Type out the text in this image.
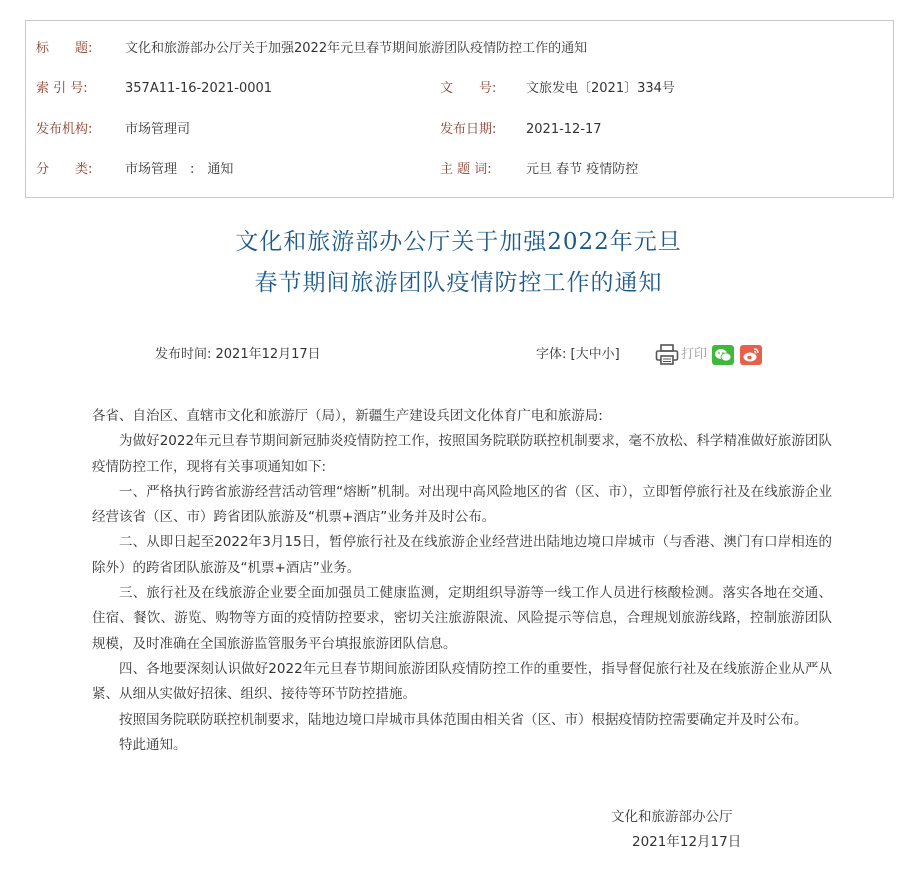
标　　题:	文化和旅游部办公厅关于加强2022年元旦春节期间旅游团队疫情防控工作的通知
索 引 号:	357A11-16-2021-0001	文　　号: 文旅发电〔2021〕334号
发布机构:	市场管理司	发布日期: 2021-12-17
分　　类:	市场管理　:　通知	主 题 词:	元旦 春节 疫情防控
文化和旅游部办公厅关于加强2022年元旦
春节期间旅游团队疫情防控工作的通知
发布时间: 2021年12月17日	字体: [大中小]	打印

各省、自治区、直辖市文化和旅游厅（局），新疆生产建设兵团文化体育广电和旅游局:

为做好2022年元旦春节期间新冠肺炎疫情防控工作，按照国务院联防联控机制要求，毫不放松、科学精准做好旅游团队疫情防控工作，现将有关事项通知如下:

一、严格执行跨省旅游经营活动管理“熔断”机制。对出现中高风险地区的省（区、市），立即暂停旅行社及在线旅游企业经营该省（区、市）跨省团队旅游及“机票+酒店”业务并及时公布。

二、从即日起至2022年3月15日，暂停旅行社及在线旅游企业经营进出陆地边境口岸城市（与香港、澳门有口岸相连的除外）的跨省团队旅游及“机票+酒店”业务。

三、旅行社及在线旅游企业要全面加强员工健康监测，定期组织导游等一线工作人员进行核酸检测。落实各地在交通、住宿、餐饮、游览、购物等方面的疫情防控要求，密切关注旅游限流、风险提示等信息，合理规划旅游线路，控制旅游团队规模，及时准确在全国旅游监管服务平台填报旅游团队信息。

四、各地要深刻认识做好2022年元旦春节期间旅游团队疫情防控工作的重要性，指导督促旅行社及在线旅游企业从严从紧、从细从实做好招徕、组织、接待等环节防控措施。

按照国务院联防联控机制要求，陆地边境口岸城市具体范围由相关省（区、市）根据疫情防控需要确定并及时公布。

特此通知。

文化和旅游部办公厅
2021年12月17日
